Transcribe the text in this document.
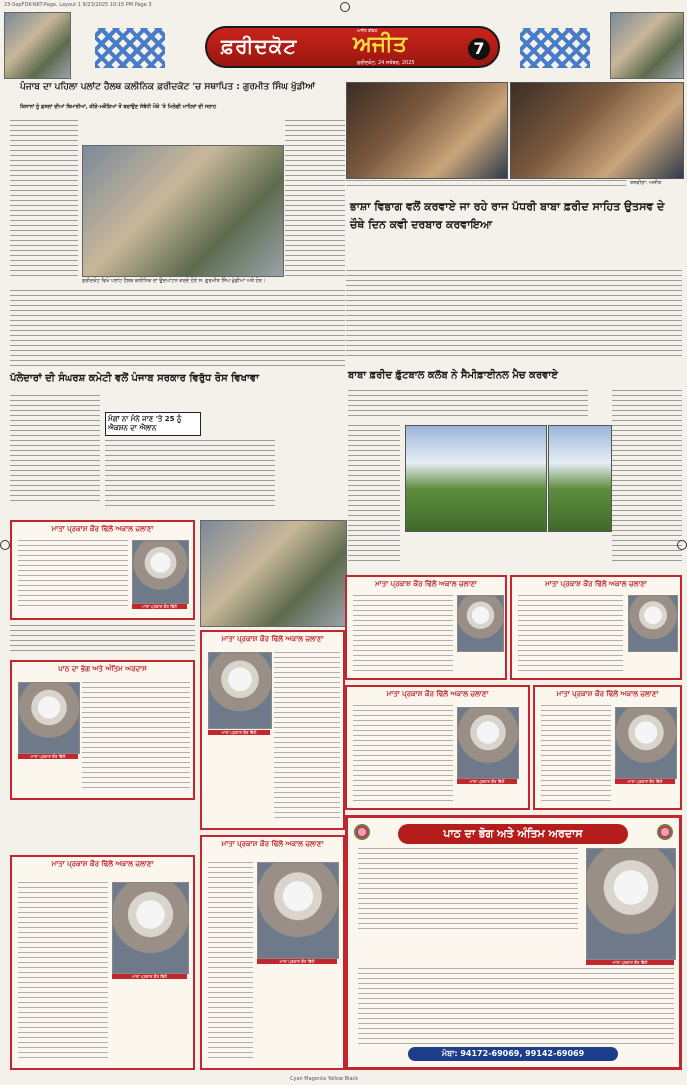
23-SepFDK-NKT-Page, Layout 1 9/23/2025 10:15 PM Page 3
ਫ਼ਰੀਦਕੋਟ
ਅਜੀਤ ਫੀਚਰ
ਅਜੀਤ
ਫ਼ਰੀਦਕੋਟ, 24 ਸਤੰਬਰ, 2025
7
ਪੰਜਾਬ ਦਾ ਪਹਿਲਾ ਪਲਾਂਟ ਹੈਲਥ ਕਲੀਨਿਕ ਫ਼ਰੀਦਕੋਟ 'ਚ ਸਥਾਪਿਤ : ਗੁਰਮੀਤ ਸਿੰਘ ਖੁੱਡੀਆਂ
ਕਿਸਾਨਾਂ ਨੂੰ ਫ਼ਸਲਾਂ ਦੀਆਂ ਬਿਮਾਰੀਆਂ, ਕੀੜੇ-ਮਕੌੜਿਆਂ ਤੋਂ ਬਚਾਉਣ ਸੰਬੰਧੀ ਮੌਕੇ 'ਤੇ ਮਿਲੇਗੀ ਮਾਹਿਰਾਂ ਦੀ ਸਲਾਹ
ਫ਼ਰੀਦਕੋਟ ਵਿਖੇ ਪਲਾਂਟ ਹੈਲਥ ਕਲੀਨਿਕ ਦਾ ਉਦਘਾਟਨ ਕਰਦੇ ਹੋਏ ਸ. ਗੁਰਮੀਤ ਸਿੰਘ ਖੁੱਡੀਆਂ ਅਤੇ ਹੋਰ।
ਤਸਵੀਰਾਂ: ਅਜੀਤ
ਭਾਸ਼ਾ ਵਿਭਾਗ ਵਲੋਂ ਕਰਵਾਏ ਜਾ ਰਹੇ ਰਾਜ ਪੱਧਰੀ ਬਾਬਾ ਫ਼ਰੀਦ ਸਾਹਿਤ ਉਤਸਵ ਦੇ ਚੌਥੇ ਦਿਨ ਕਵੀ ਦਰਬਾਰ ਕਰਵਾਇਆ
ਪੱਲੇਦਾਰਾਂ ਦੀ ਸੰਘਰਸ਼ ਕਮੇਟੀ ਵਲੋਂ ਪੰਜਾਬ ਸਰਕਾਰ ਵਿਰੁੱਧ ਰੋਸ ਵਿਖਾਵਾ
ਮੰਗਾਂ ਨਾ ਮੰਨੇ ਜਾਣ 'ਤੇ 25 ਨੂੰ ਐਕਸ਼ਨ ਦਾ ਐਲਾਨ
ਬਾਬਾ ਫ਼ਰੀਦ ਫ਼ੁੱਟਬਾਲ ਕਲੱਬ ਨੇ ਸੈਮੀਫ਼ਾਈਨਲ ਮੈਚ ਕਰਵਾਏ
ਮਾਤਾ ਪ੍ਰਕਾਸ਼ ਕੌਰ ਢਿੱਲੋਂ ਅਕਾਲ ਚਲਾਣਾ
ਮਾਤਾ ਪ੍ਰਕਾਸ਼ ਕੌਰ ਢਿੱਲੋਂ
ਪਾਠ ਦਾ ਭੋਗ ਅਤੇ ਅੰਤਿਮ ਅਰਦਾਸ
ਮਾਤਾ ਪ੍ਰਕਾਸ਼ ਕੌਰ ਢਿੱਲੋਂ
ਮਾਤਾ ਪ੍ਰਕਾਸ਼ ਕੌਰ ਢਿੱਲੋਂ ਅਕਾਲ ਚਲਾਣਾ
ਮਾਤਾ ਪ੍ਰਕਾਸ਼ ਕੌਰ ਢਿੱਲੋਂ
ਮਾਤਾ ਪ੍ਰਕਾਸ਼ ਕੌਰ ਢਿੱਲੋਂ ਅਕਾਲ ਚਲਾਣਾ	ਮਾਤਾ ਪ੍ਰਕਾਸ਼ ਕੌਰ ਢਿੱਲੋਂ ਅਕਾਲ ਚਲਾਣਾ
ਮਾਤਾ ਪ੍ਰਕਾਸ਼ ਕੌਰ ਢਿੱਲੋਂ ਅਕਾਲ ਚਲਾਣਾ
ਮਾਤਾ ਪ੍ਰਕਾਸ਼ ਕੌਰ ਢਿੱਲੋਂ
ਮਾਤਾ ਪ੍ਰਕਾਸ਼ ਕੌਰ ਢਿੱਲੋਂ ਅਕਾਲ ਚਲਾਣਾ
ਮਾਤਾ ਪ੍ਰਕਾਸ਼ ਕੌਰ ਢਿੱਲੋਂ
ਮਾਤਾ ਪ੍ਰਕਾਸ਼ ਕੌਰ ਢਿੱਲੋਂ ਅਕਾਲ ਚਲਾਣਾ
ਮਾਤਾ ਪ੍ਰਕਾਸ਼ ਕੌਰ ਢਿੱਲੋਂ
ਮਾਤਾ ਪ੍ਰਕਾਸ਼ ਕੌਰ ਢਿੱਲੋਂ ਅਕਾਲ ਚਲਾਣਾ
ਮਾਤਾ ਪ੍ਰਕਾਸ਼ ਕੌਰ ਢਿੱਲੋਂ
ਪਾਠ ਦਾ ਭੋਗ ਅਤੇ ਅੰਤਿਮ ਅਰਦਾਸ
ਮਾਤਾ ਪ੍ਰਕਾਸ਼ ਕੌਰ ਢਿੱਲੋਂ
ਮੋਬਾ: 94172-69069, 99142-69069
Cyan Magenta Yellow Black
